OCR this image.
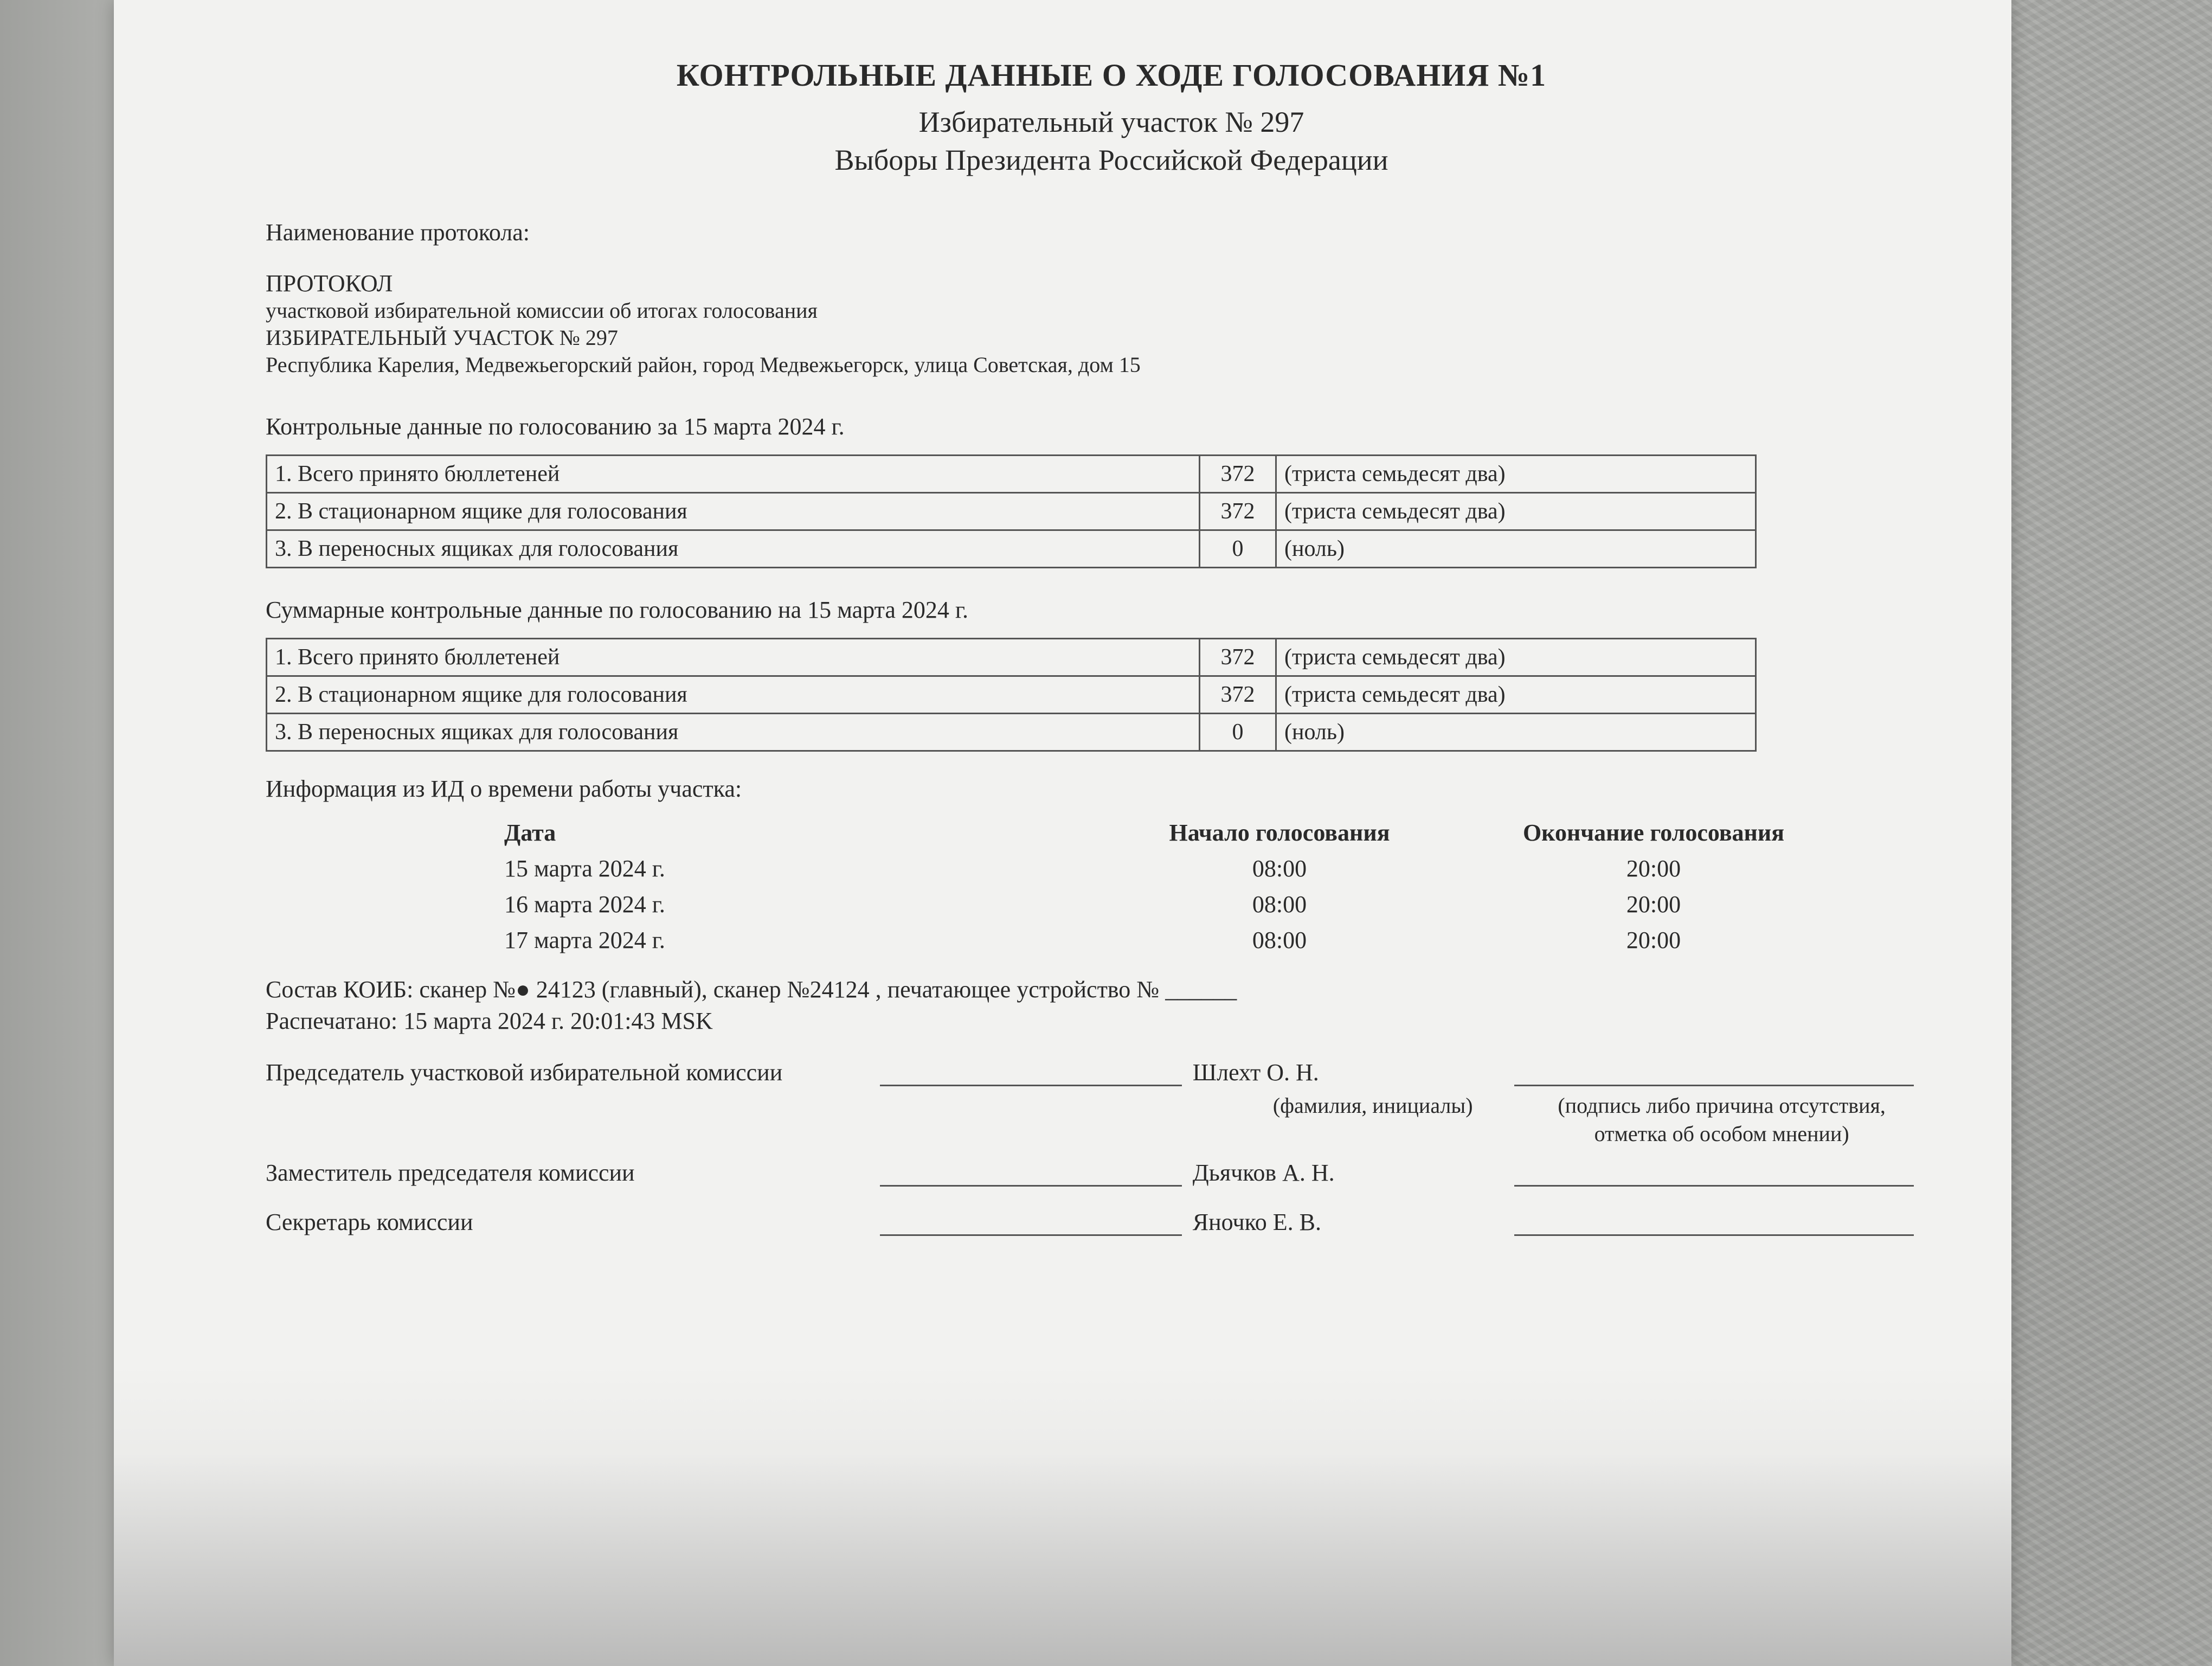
КОНТРОЛЬНЫЕ ДАННЫЕ О ХОДЕ ГОЛОСОВАНИЯ №1
Избирательный участок № 297
Выборы Президента Российской Федерации

Наименование протокола:

ПРОТОКОЛ
участковой избирательной комиссии об итогах голосования
ИЗБИРАТЕЛЬНЫЙ УЧАСТОК № 297
Республика Карелия, Медвежьегорский район, город Медвежьегорск, улица Советская, дом 15

Контрольные данные по голосованию за 15 марта 2024 г.

1. Всего принято бюллетеней	372	(триста семьдесят два)
2. В стационарном ящике для голосования	372	(триста семьдесят два)
3. В переносных ящиках для голосования	0	(ноль)

Суммарные контрольные данные по голосованию на 15 марта 2024 г.

1. Всего принято бюллетеней	372	(триста семьдесят два)
2. В стационарном ящике для голосования	372	(триста семьдесят два)
3. В переносных ящиках для голосования	0	(ноль)

Информация из ИД о времени работы участка:

Дата	Начало голосования	Окончание голосования
15 марта 2024 г.	08:00	20:00
16 марта 2024 г.	08:00	20:00
17 марта 2024 г.	08:00	20:00

Состав КОИБ: сканер №● 24123 (главный), сканер №24124 , печатающее устройство № ______

Распечатано: 15 марта 2024 г. 20:01:43 MSK

Председатель участковой избирательной комиссии	Шлехт О. Н.
(фамилия, инициалы)	(подпись либо причина отсутствия, отметка об особом мнении)
Заместитель председателя комиссии	Дьячков А. Н.
Секретарь комиссии	Яночко Е. В.
